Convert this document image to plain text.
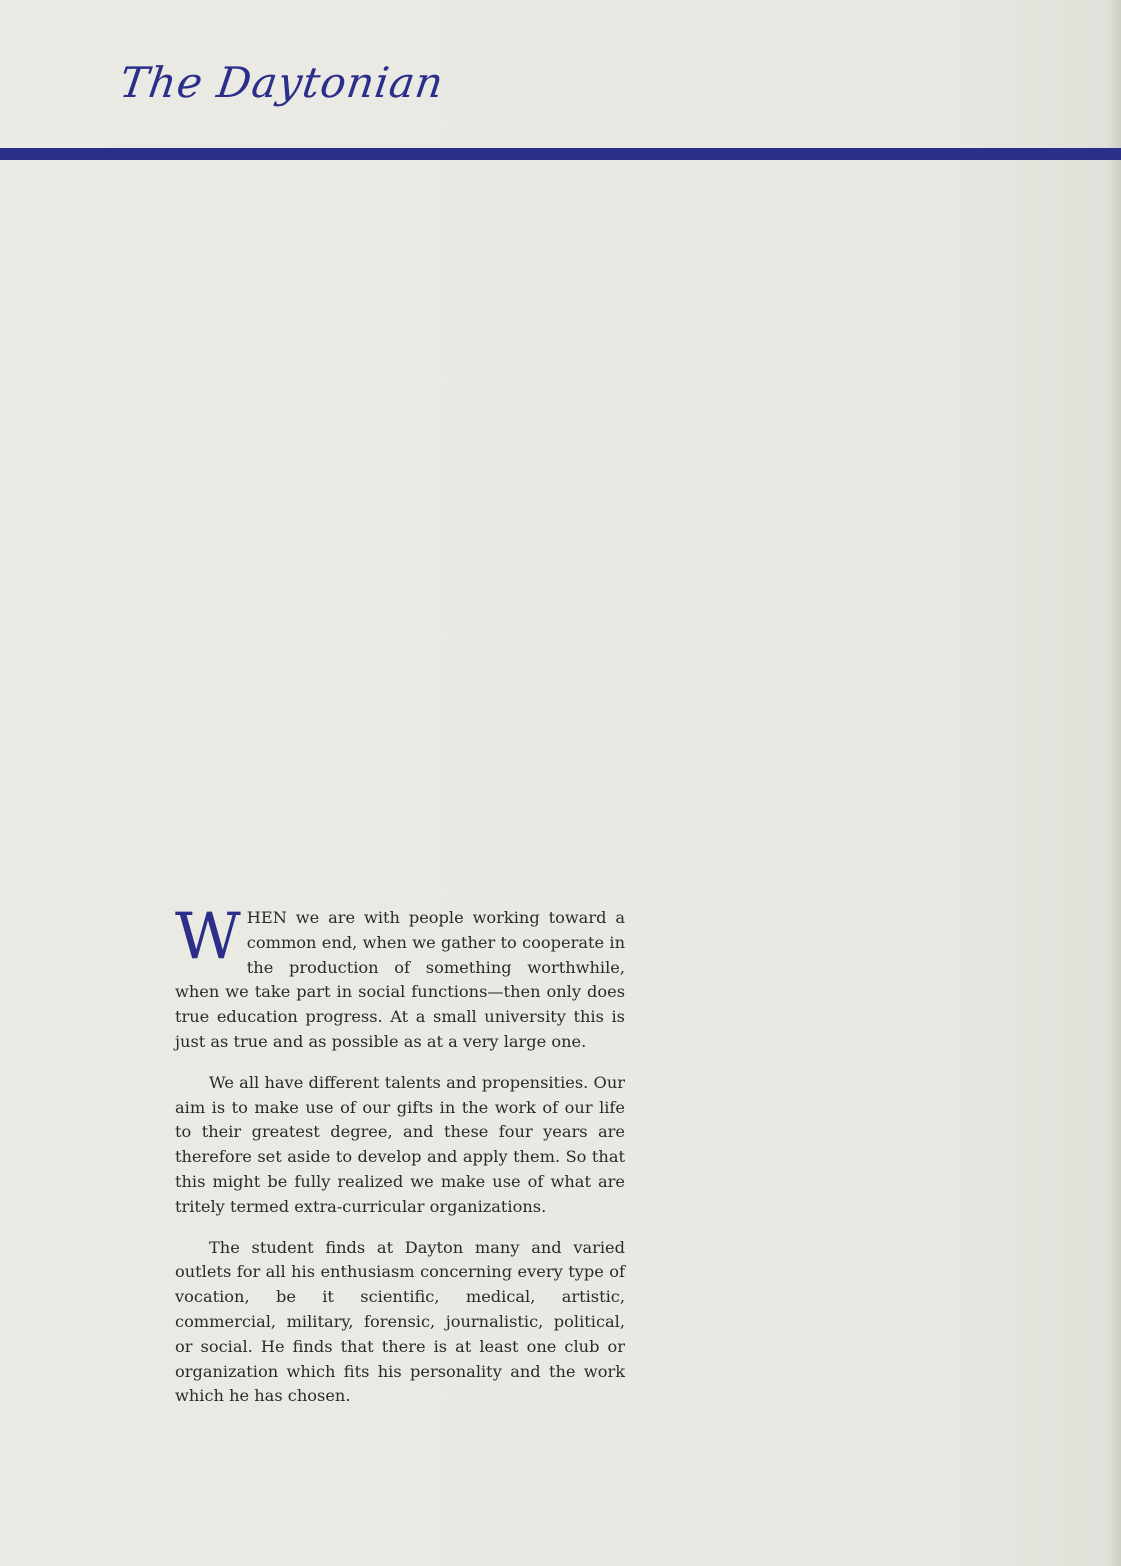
The Daytonian

W HEN we are with people working toward a common end, when we gather to cooperate in the production of something worthwhile, when we take part in social functions—then only does true education progress. At a small university this is just as true and as possible as at a very large one.

We all have different talents and propensities. Our aim is to make use of our gifts in the work of our life to their greatest degree, and these four years are therefore set aside to develop and apply them. So that this might be fully realized we make use of what are tritely termed extra-curricular organizations.

The student finds at Dayton many and varied outlets for all his enthusiasm concerning every type of vocation, be it scientific, medical, artistic, commercial, military, forensic, journalistic, political, or social. He finds that there is at least one club or organization which fits his personality and the work which he has chosen.
